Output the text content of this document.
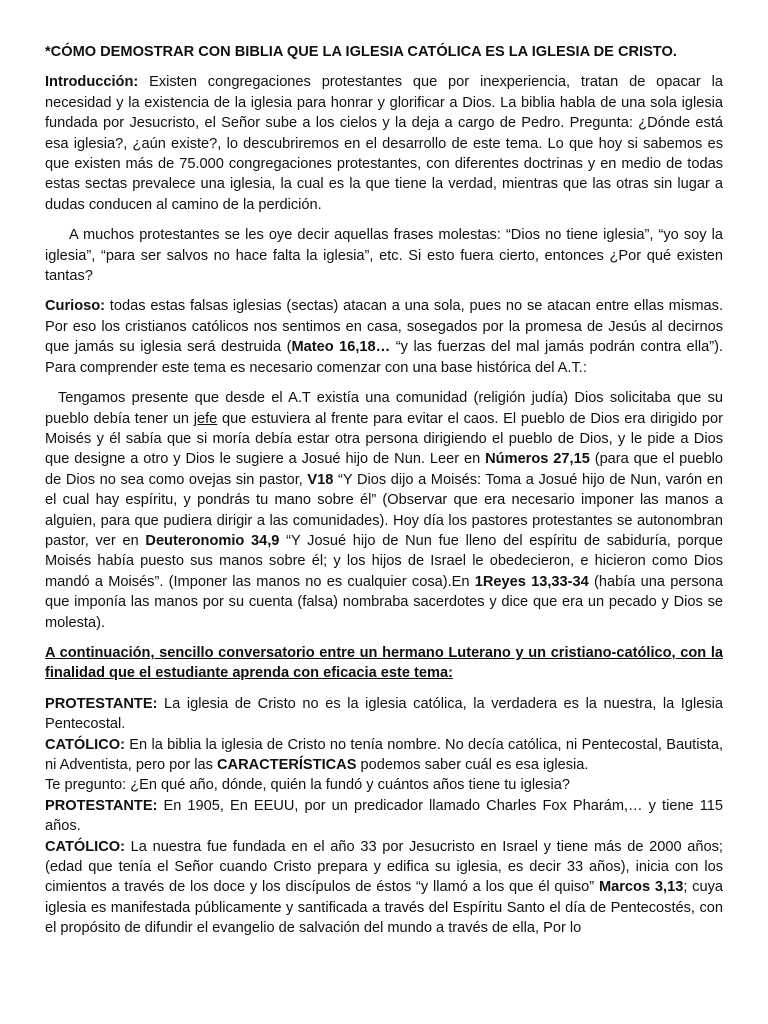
*CÓMO DEMOSTRAR CON BIBLIA QUE LA IGLESIA CATÓLICA ES LA IGLESIA DE CRISTO.

Introducción: Existen congregaciones protestantes que por inexperiencia, tratan de opacar la necesidad y la existencia de la iglesia para honrar y glorificar a Dios. La biblia habla de una sola iglesia fundada por Jesucristo, el Señor sube a los cielos y la deja a cargo de Pedro. Pregunta: ¿Dónde está esa iglesia?, ¿aún existe?, lo descubriremos en el desarrollo de este tema. Lo que hoy si sabemos es que existen más de 75.000 congregaciones protestantes, con diferentes doctrinas y en medio de todas estas sectas prevalece una iglesia, la cual es la que tiene la verdad, mientras que las otras sin lugar a dudas conducen al camino de la perdición.

A muchos protestantes se les oye decir aquellas frases molestas: “Dios no tiene iglesia”, “yo soy la iglesia”, “para ser salvos no hace falta la iglesia”, etc. Si esto fuera cierto, entonces ¿Por qué existen tantas?

Curioso: todas estas falsas iglesias (sectas) atacan a una sola, pues no se atacan entre ellas mismas. Por eso los cristianos católicos nos sentimos en casa, sosegados por la promesa de Jesús al decirnos que jamás su iglesia será destruida (Mateo 16,18… “y las fuerzas del mal jamás podrán contra ella”). Para comprender este tema es necesario comenzar con una base histórica del A.T.:

Tengamos presente que desde el A.T existía una comunidad (religión judía) Dios solicitaba que su pueblo debía tener un jefe que estuviera al frente para evitar el caos. El pueblo de Dios era dirigido por Moisés y él sabía que si moría debía estar otra persona dirigiendo el pueblo de Dios, y le pide a Dios que designe a otro y Dios le sugiere a Josué hijo de Nun. Leer en Números 27,15 (para que el pueblo de Dios no sea como ovejas sin pastor, V18 “Y Dios dijo a Moisés: Toma a Josué hijo de Nun, varón en el cual hay espíritu, y pondrás tu mano sobre él” (Observar que era necesario imponer las manos a alguien, para que pudiera dirigir a las comunidades). Hoy día los pastores protestantes se autonombran pastor, ver en Deuteronomio 34,9 “Y Josué hijo de Nun fue lleno del espíritu de sabiduría, porque Moisés había puesto sus manos sobre él; y los hijos de Israel le obedecieron, e hicieron como Dios mandó a Moisés”. (Imponer las manos no es cualquier cosa).En 1Reyes 13,33-34 (había una persona que imponía las manos por su cuenta (falsa) nombraba sacerdotes y dice que era un pecado y Dios se molesta).

A continuación, sencillo conversatorio entre un hermano Luterano y un cristiano-católico, con la finalidad que el estudiante aprenda con eficacia este tema:

PROTESTANTE: La iglesia de Cristo no es la iglesia católica, la verdadera es la nuestra, la Iglesia Pentecostal.

CATÓLICO: En la biblia la iglesia de Cristo no tenía nombre. No decía católica, ni Pentecostal, Bautista, ni Adventista, pero por las CARACTERÍSTICAS podemos saber cuál es esa iglesia.

Te pregunto: ¿En qué año, dónde, quién la fundó y cuántos años tiene tu iglesia?

PROTESTANTE: En 1905, En EEUU, por un predicador llamado Charles Fox Pharám,… y tiene 115 años.

CATÓLICO: La nuestra fue fundada en el año 33 por Jesucristo en Israel y tiene más de 2000 años; (edad que tenía el Señor cuando Cristo prepara y edifica su iglesia, es decir 33 años), inicia con los cimientos a través de los doce y los discípulos de éstos “y llamó a los que él quiso” Marcos 3,13; cuya iglesia es manifestada públicamente y santificada a través del Espíritu Santo el día de Pentecostés, con el propósito de difundir el evangelio de salvación del mundo a través de ella, Por lo
